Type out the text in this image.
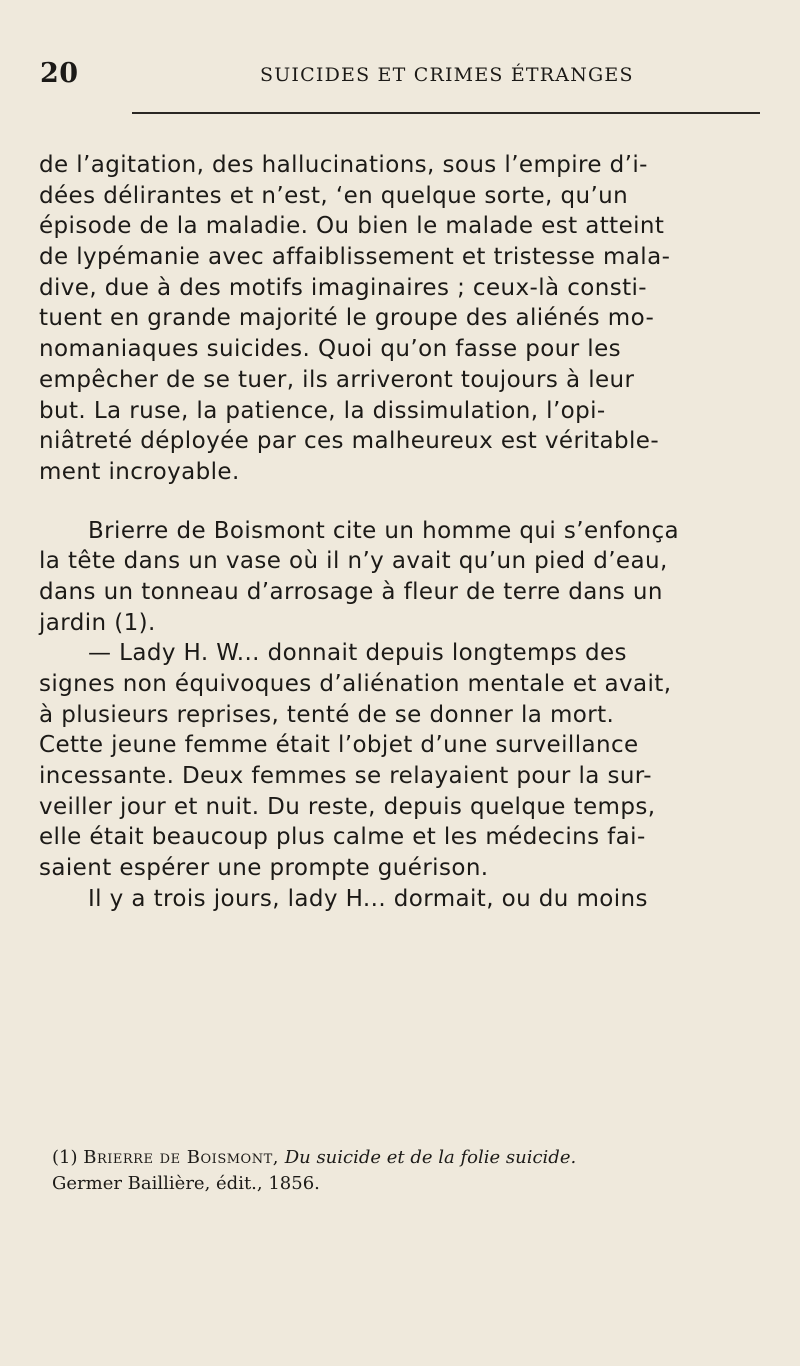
20	SUICIDES ET CRIMES ÉTRANGES
de l’agitation, des hallucinations, sous l’empire d’i-
dées délirantes et n’est, ‘en quelque sorte, qu’un
épisode de la maladie. Ou bien le malade est atteint
de lypémanie avec affaiblissement et tristesse mala-
dive, due à des motifs imaginaires ; ceux-là consti-
tuent en grande majorité le groupe des aliénés mo-
nomaniaques suicides. Quoi qu’on fasse pour les
empêcher de se tuer, ils arriveront toujours à leur
but. La ruse, la patience, la dissimulation, l’opi-
niâtreté déployée par ces malheureux est véritable-
ment incroyable.
Brierre de Boismont cite un homme qui s’enfonça
la tête dans un vase où il n’y avait qu’un pied d’eau,
dans un tonneau d’arrosage à fleur de terre dans un
jardin (1).
— Lady H. W... donnait depuis longtemps des
signes non équivoques d’aliénation mentale et avait,
à plusieurs reprises, tenté de se donner la mort.
Cette jeune femme était l’objet d’une surveillance
incessante. Deux femmes se relayaient pour la sur-
veiller jour et nuit. Du reste, depuis quelque temps,
elle était beaucoup plus calme et les médecins fai-
saient espérer une prompte guérison.
Il y a trois jours, lady H... dormait, ou du moins
(1) Brierre de Boismont, Du suicide et de la folie suicide.
Germer Baillière, édit., 1856.
